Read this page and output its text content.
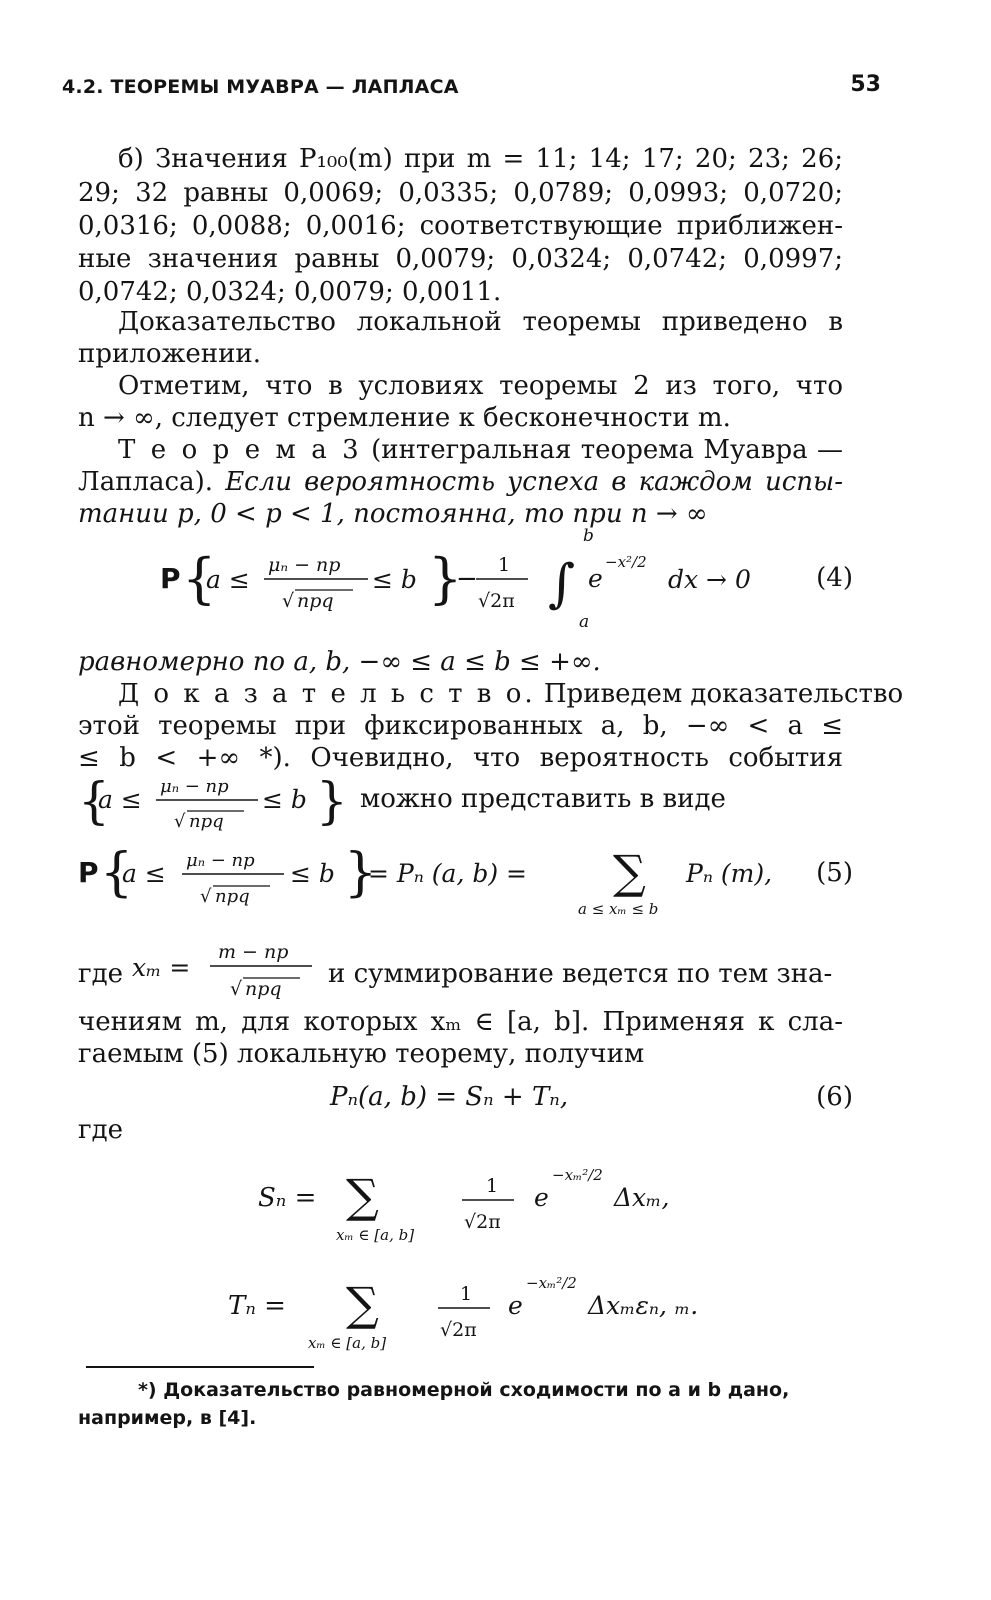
4.2. ТЕОРЕМЫ МУАВРА — ЛАПЛАСА	53
б) Значения P₁₀₀(m) при m = 11; 14; 17; 20; 23; 26;
29; 32 равны 0,0069; 0,0335; 0,0789; 0,0993; 0,0720;
0,0316; 0,0088; 0,0016; соответствующие приближен-
ные значения равны 0,0079; 0,0324; 0,0742; 0,0997;
0,0742; 0,0324; 0,0079; 0,0011.
Доказательство локальной теоремы приведено в
приложении.
Отметим, что в условиях теоремы 2 из того, что
n → ∞, следует стремление к бесконечности m.
Т е о р е м а 3 (интегральная теорема Муавра —
Лапласа). Если вероятность успеха в каждом испы-
тании p, 0 < p < 1, постоянна, то при n → ∞
P {
a ≤ μₙ − np
√ npq
≤ b }
− 1
√2π ∫
b
a
e
−x²/2
dx → 0	(4)
равномерно по a, b, −∞ ≤ a ≤ b ≤ +∞.
Д о к а з а т е л ь с т в о. Приведем доказательство
этой теоремы при фиксированных a, b, −∞ < a ≤
≤ b < +∞ *). Очевидно, что вероятность события
{
a ≤ μₙ − np
√ npq
≤ b } можно представить в виде
P {
a ≤ μₙ − np
√ npq
≤ b }
= Pₙ (a, b) = ∑
a ≤ xₘ ≤ b
Pₙ (m), (5)
где xₘ =
m − np
√ npq и суммирование ведется по тем зна-
чениям m, для которых xₘ ∈ [a, b]. Применяя к сла-
гаемым (5) локальную теорему, получим
Pₙ(a, b) = Sₙ + Tₙ,	(6)
где
Sₙ = ∑
xₘ ∈ [a, b]
1
√2π
e
−xₘ²/2
Δxₘ,
Tₙ = ∑
xₘ ∈ [a, b]
1
√2π
e
−xₘ²/2
Δxₘεₙ, ₘ.
*) Доказательство равномерной сходимости по a и b дано,
например, в [4].
